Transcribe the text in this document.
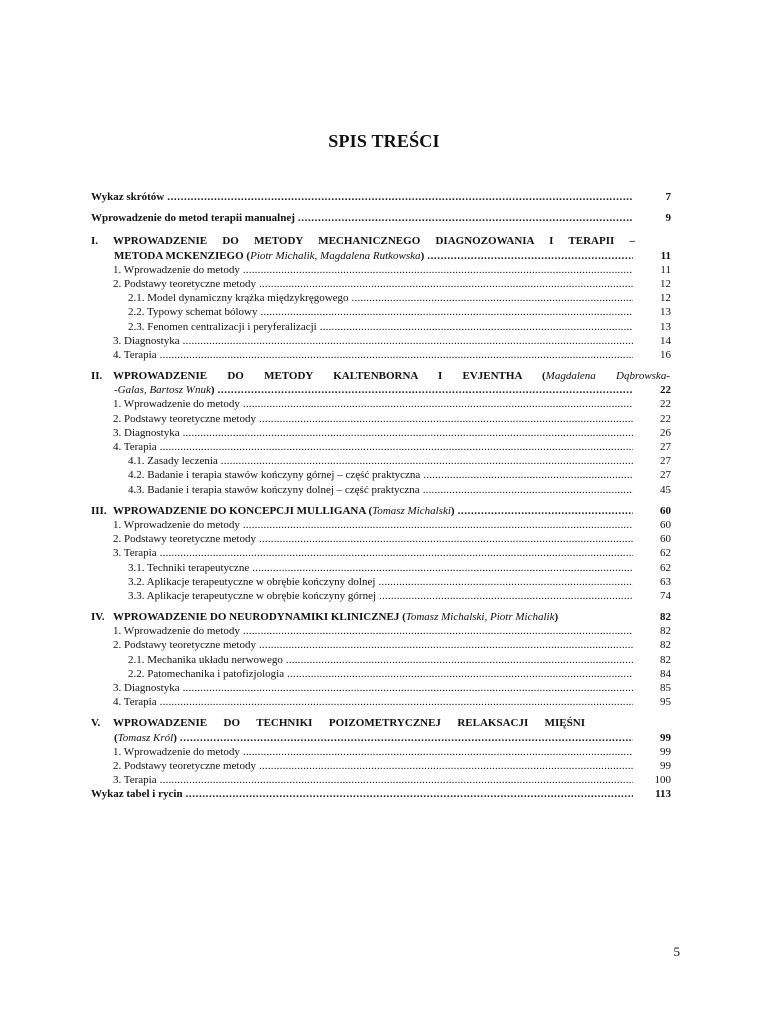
SPIS TREŚCI
Wykaz skrótów .....	7
Wprowadzenie do metod terapii manualnej .....	9
I.	WPROWADZENIE DO METODY MECHANICZNEGO DIAGNOZOWANIA I TERAPII –
METODA MCKENZIEGO ( Piotr Michalik, Magdalena Rutkowska ) .....	11
1. Wprowadzenie do metody .....	11
2. Podstawy teoretyczne metody .....	12
2.1. Model dynamiczny krążka międzykręgowego .....	12
2.2. Typowy schemat bólowy .....	13
2.3. Fenomen centralizacji i peryferalizacji .....	13
3. Diagnostyka .....	14
4. Terapia .....	16
II. WPROWADZENIE DO METODY KALTENBORNA I EVJENTHA (Magdalena Dąbrowska-
-Galas, Bartosz Wnuk ) .....	22
1. Wprowadzenie do metody .....	22
2. Podstawy teoretyczne metody .....	22
3. Diagnostyka .....	26
4. Terapia .....	27
4.1. Zasady leczenia .....	27
4.2. Badanie i terapia stawów kończyny górnej – część praktyczna .....	27
4.3. Badanie i terapia stawów kończyny dolnej – część praktyczna .....	45
III. WPROWADZENIE DO KONCEPCJI MULLIGANA ( Tomasz Michalski ) .....	60
1. Wprowadzenie do metody .....	60
2. Podstawy teoretyczne metody .....	60
3. Terapia .....	62
3.1. Techniki terapeutyczne .....	62
3.2. Aplikacje terapeutyczne w obrębie kończyny dolnej .....	63
3.3. Aplikacje terapeutyczne w obrębie kończyny górnej .....	74
IV. WPROWADZENIE DO NEURODYNAMIKI KLINICZNEJ ( Tomasz Michalski, Piotr Michalik )	82
1. Wprowadzenie do metody .....	82
2. Podstawy teoretyczne metody .....	82
2.1. Mechanika układu nerwowego .....	82
2.2. Patomechanika i patofizjologia .....	84
3. Diagnostyka .....	85
4. Terapia .....	95
V.	WPROWADZENIE DO TECHNIKI POIZOMETRYCZNEJ RELAKSACJI MIĘŚNI
( Tomasz Król ) .....	99
1. Wprowadzenie do metody .....	99
2. Podstawy teoretyczne metody .....	99
3. Terapia .....	100
Wykaz tabel i rycin .....	113
5
